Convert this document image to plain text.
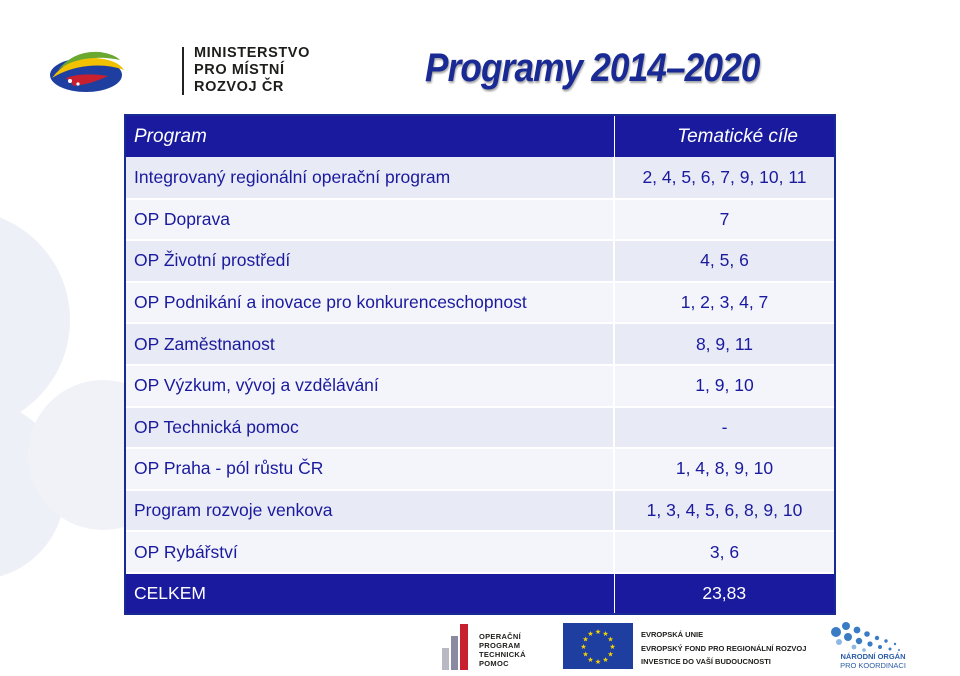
MINISTERSTVO
PRO MÍSTNÍ
ROZVOJ ČR	Programy 2014–2020
Program	Tematické cíle
Integrovaný regionální operační program	2, 4, 5, 6, 7, 9, 10, 11
OP Doprava	7
OP Životní prostředí	4, 5, 6
OP Podnikání a inovace pro konkurenceschopnost	1, 2, 3, 4, 7
OP Zaměstnanost	8, 9, 11
OP Výzkum, vývoj a vzdělávání	1, 9, 10
OP Technická pomoc	-
OP Praha - pól růstu ČR	1, 4, 8, 9, 10
Program rozvoje venkova	1, 3, 4, 5, 6, 8, 9, 10
OP Rybářství	3, 6
CELKEM	23,83
OPERAČNÍ
PROGRAM
TECHNICKÁ
POMOC
★ ★
★
★
★
★
★
★
★
★
★
★	EVROPSKÁ UNIE
EVROPSKÝ FOND PRO REGIONÁLNÍ ROZVOJ
INVESTICE DO VAŠÍ BUDOUCNOSTI
NÁRODNÍ ORGÁN
PRO KOORDINACI
